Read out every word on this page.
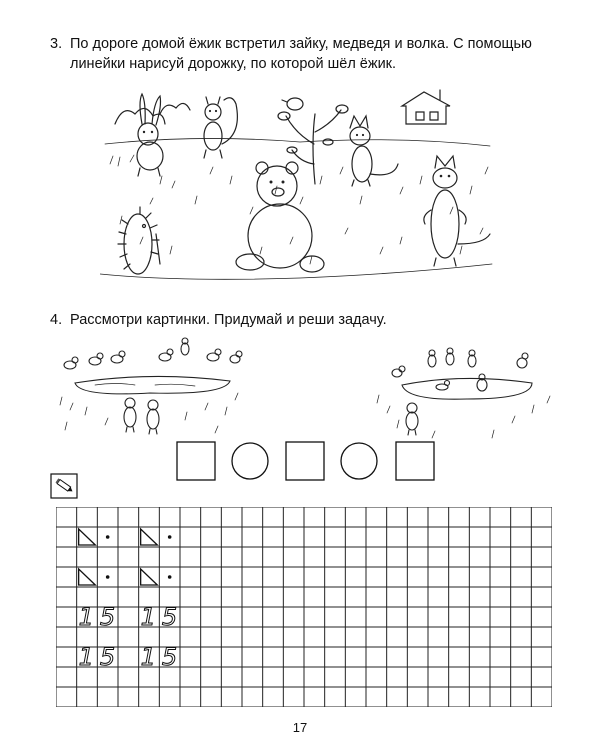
3. По дороге домой ёжик встретил зайку, медведя и волка. С помощью
линейки нарисуй дорожку, по которой шёл ёжик.
4. Рассмотри картинки. Придумай и реши задачу.
15 15
15 15
17
